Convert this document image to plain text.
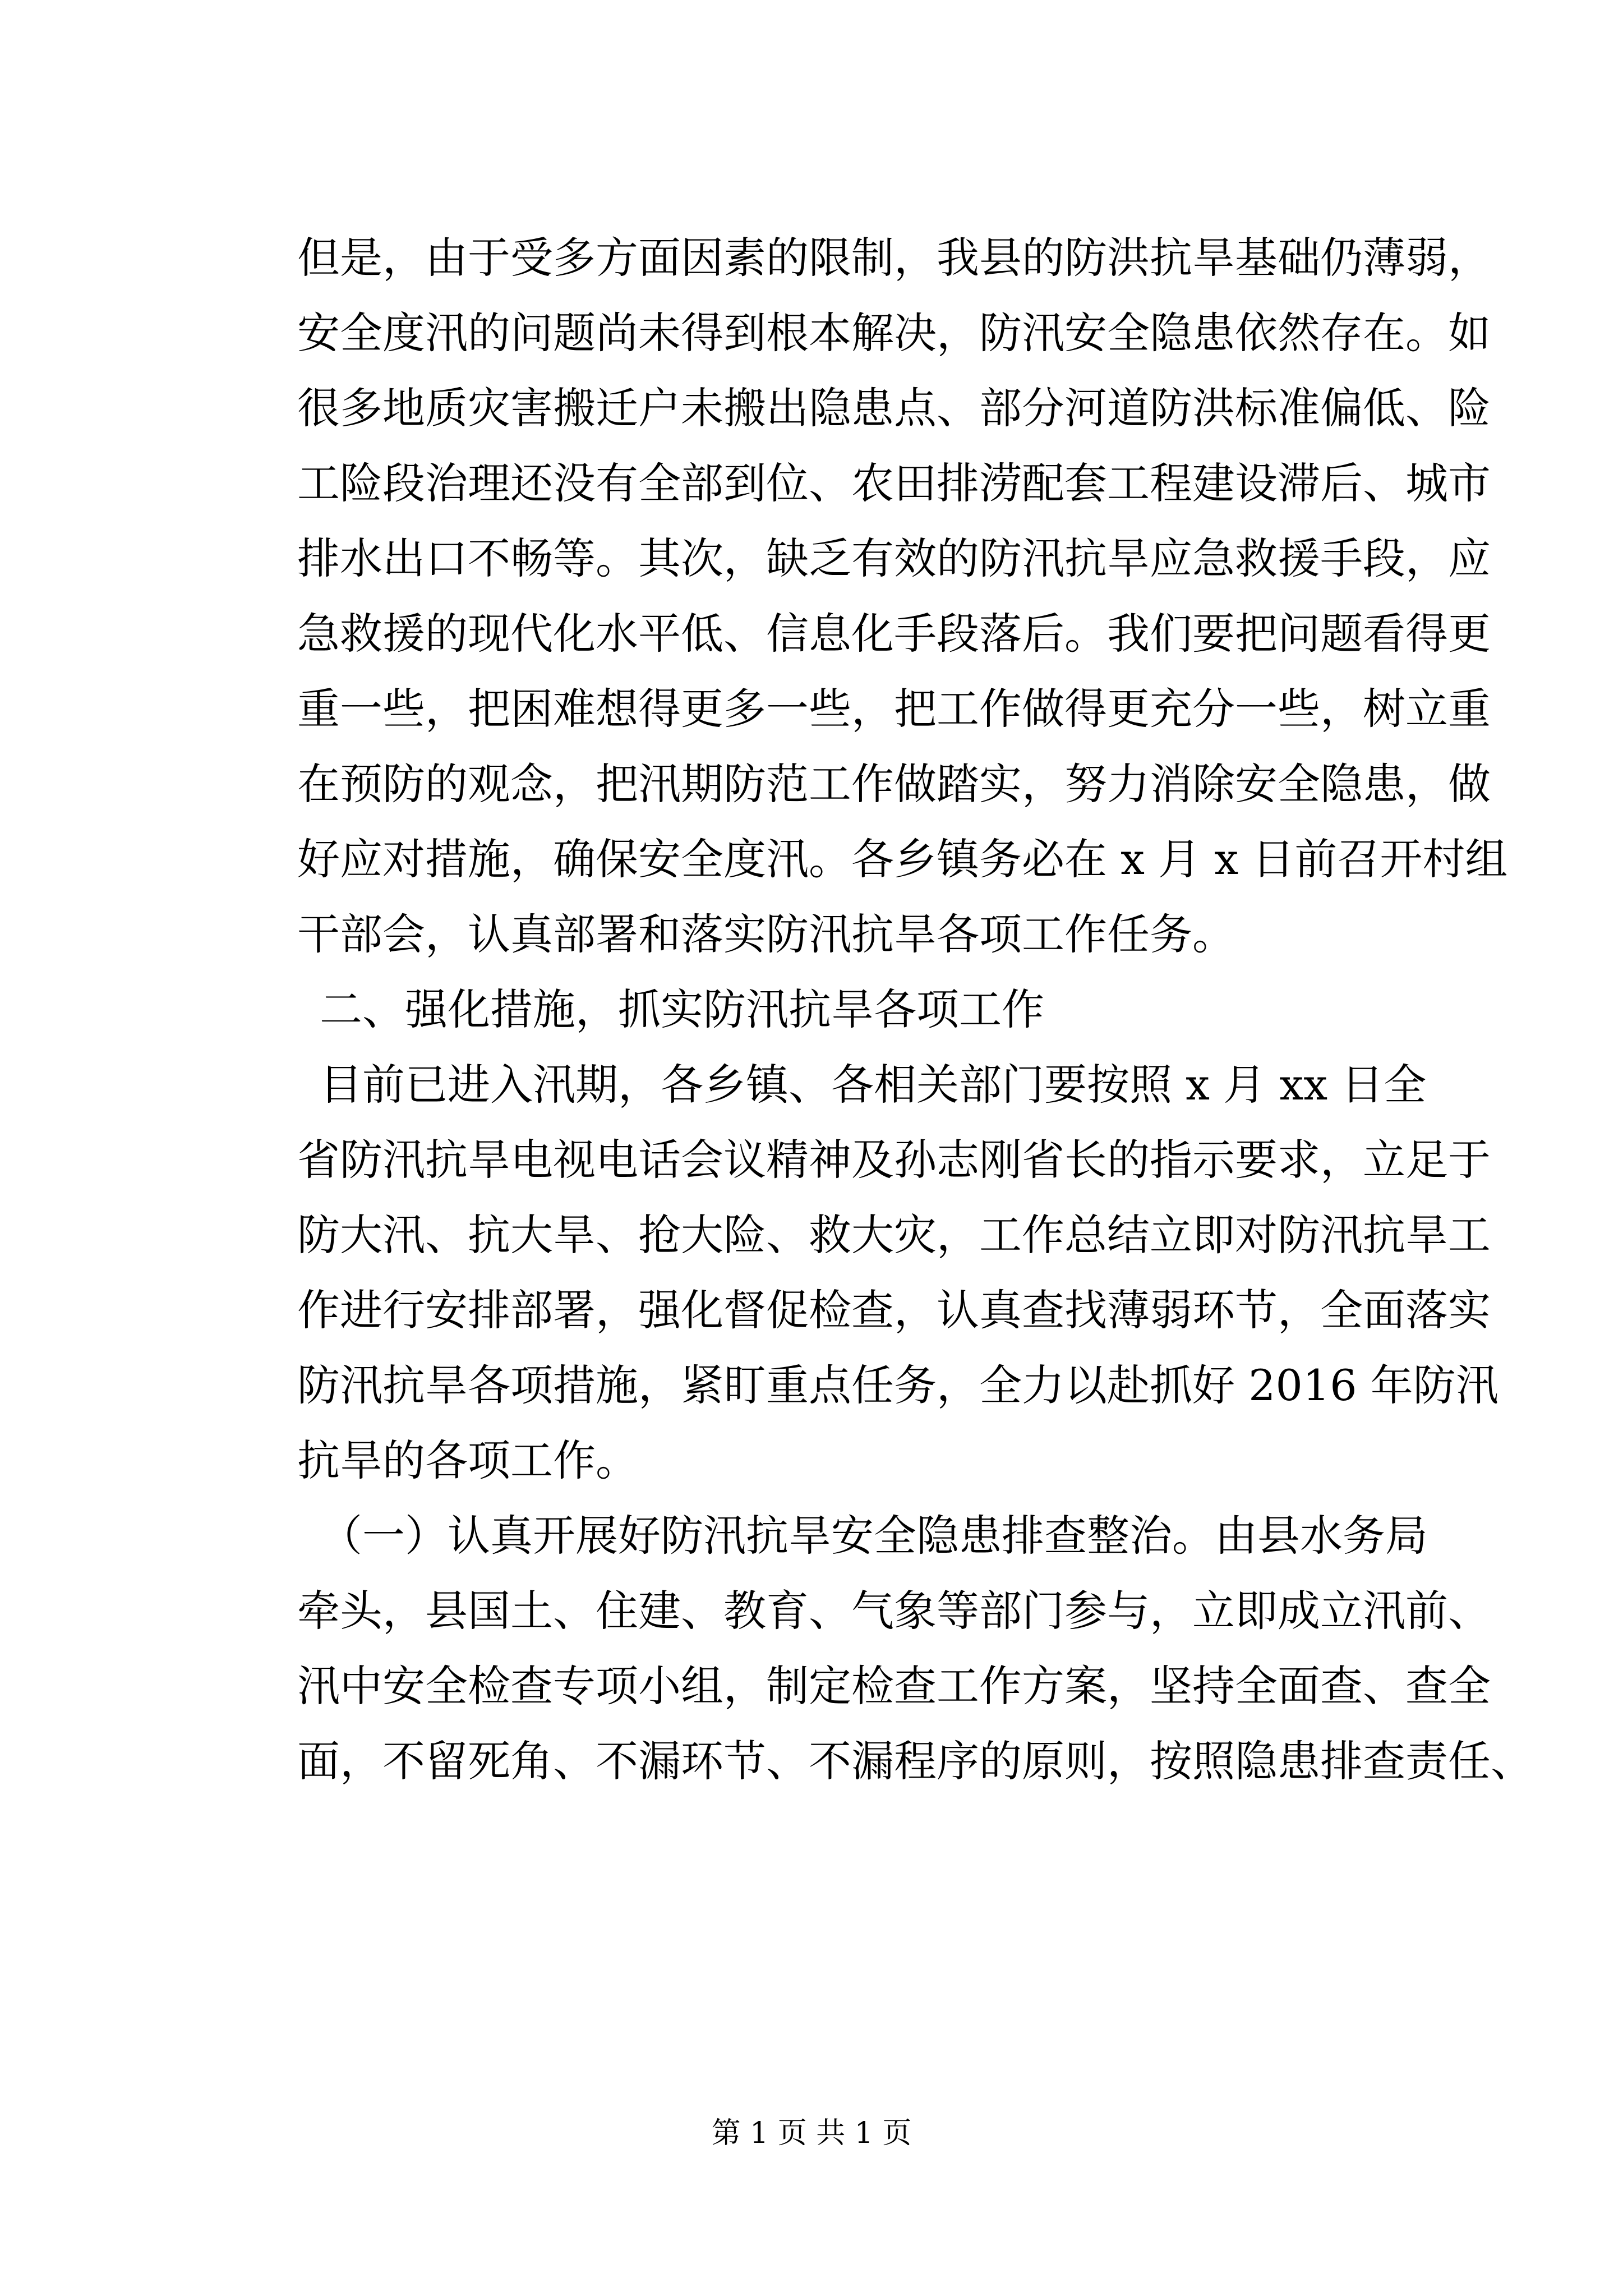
但是，由于受多方面因素的限制，我县的防洪抗旱基础仍薄弱，
安全度汛的问题尚未得到根本解决，防汛安全隐患依然存在。如
很多地质灾害搬迁户未搬出隐患点、部分河道防洪标准偏低、险
工险段治理还没有全部到位、农田排涝配套工程建设滞后、城市
排水出口不畅等。其次，缺乏有效的防汛抗旱应急救援手段，应
急救援的现代化水平低、信息化手段落后。我们要把问题看得更
重一些，把困难想得更多一些，把工作做得更充分一些，树立重
在预防的观念，把汛期防范工作做踏实，努力消除安全隐患，做
好应对措施，确保安全度汛。各乡镇务必在 x 月 x 日前召开村组
干部会，认真部署和落实防汛抗旱各项工作任务。
二、强化措施，抓实防汛抗旱各项工作
目前已进入汛期，各乡镇、各相关部门要按照 x 月 xx 日全
省防汛抗旱电视电话会议精神及孙志刚省长的指示要求，立足于
防大汛、抗大旱、抢大险、救大灾，工作总结立即对防汛抗旱工
作进行安排部署，强化督促检查，认真查找薄弱环节，全面落实
防汛抗旱各项措施，紧盯重点任务，全力以赴抓好 2016 年防汛
抗旱的各项工作。
（一）认真开展好防汛抗旱安全隐患排查整治。由县水务局
牵头，县国土、住建、教育、气象等部门参与，立即成立汛前、
汛中安全检查专项小组，制定检查工作方案，坚持全面查、查全
面，不留死角、不漏环节、不漏程序的原则，按照隐患排查责任、
第 1 页 共 1 页
